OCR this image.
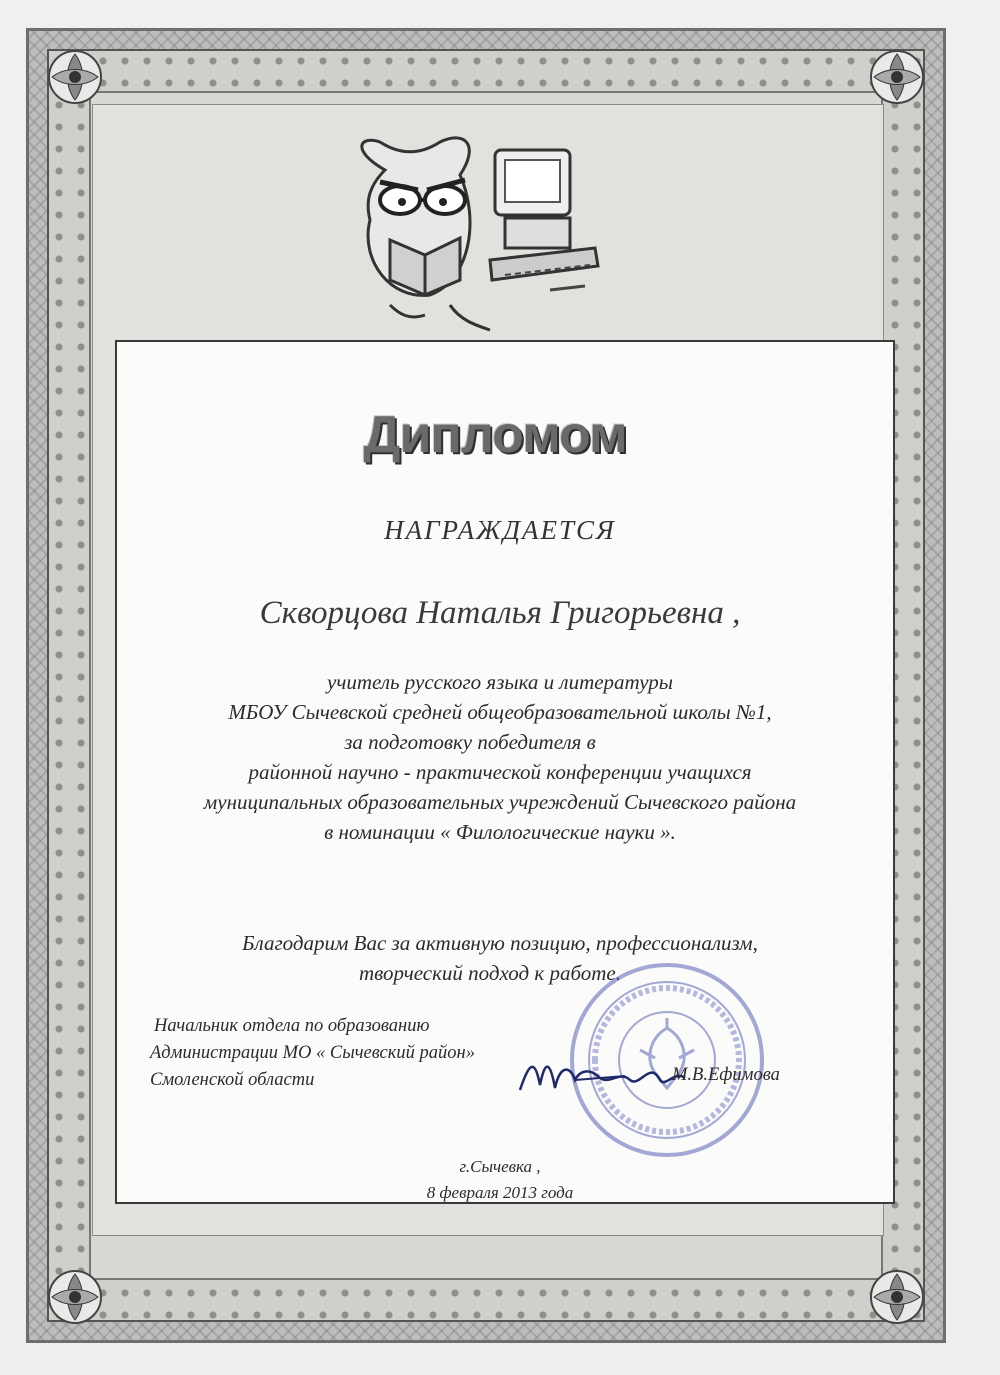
Дипломом
НАГРАЖДАЕТСЯ
Скворцова Наталья Григорьевна ,
учитель русского языка и литературы
МБОУ Сычевской средней общеобразовательной школы №1,
за подготовку победителя в
районной научно - практической конференции учащихся
муниципальных образовательных учреждений Сычевского района
в номинации « Филологические науки ».
Благодарим Вас за активную позицию, профессионализм,
творческий подход к работе.
Начальник отдела по образованию
Администрации МО « Сычевский район»
Смоленской области	М.В.Ефимова
г.Сычевка ,
8 февраля 2013 года
